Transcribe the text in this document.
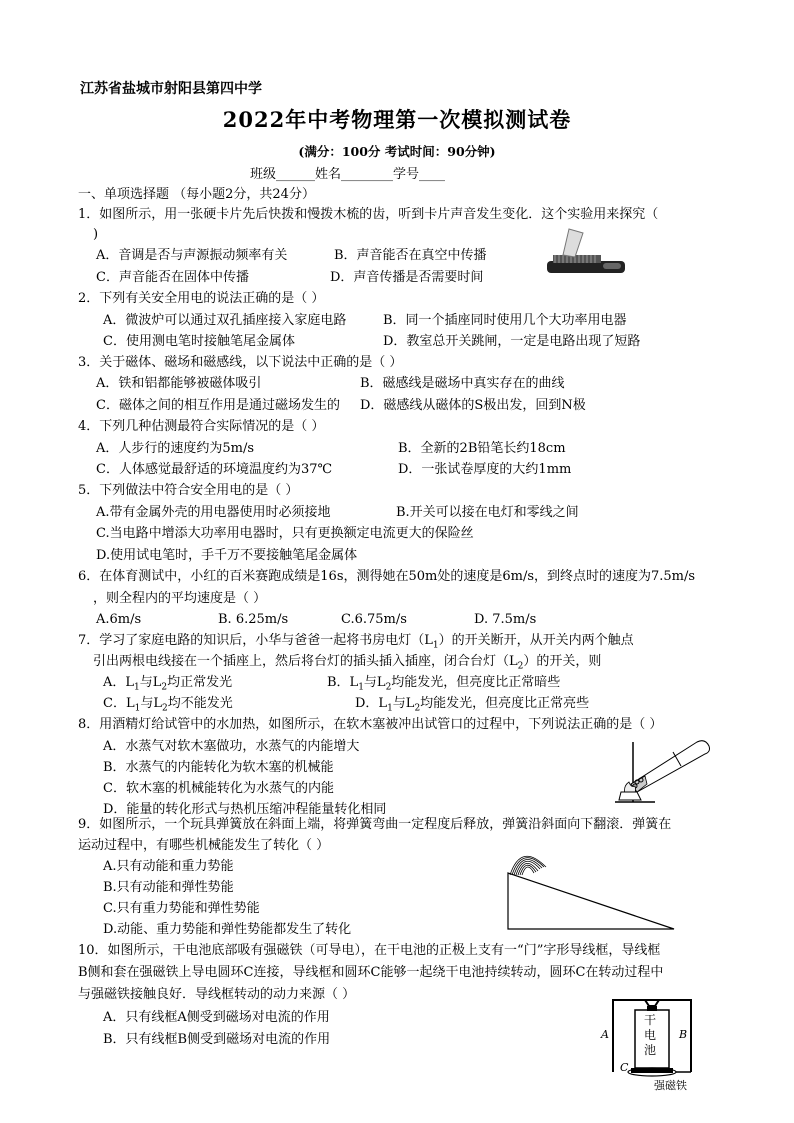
江苏省盐城市射阳县第四中学
2022年中考物理第一次模拟测试卷
(满分：100分 考试时间：90分钟)
班级______姓名________学号____
一、单项选择题 （每小题2分，共24分）
1．如图所示，用一张硬卡片先后快拨和慢拨木梳的齿，听到卡片声音发生变化．这个实验用来探究（
)
A．音调是否与声源振动频率有关	B．声音能否在真空中传播
C．声音能否在固体中传播	D．声音传播是否需要时间
2．下列有关安全用电的说法正确的是（ ）
A．微波炉可以通过双孔插座接入家庭电路	B．同一个插座同时使用几个大功率用电器
C．使用测电笔时接触笔尾金属体	D．教室总开关跳闸，一定是电路出现了短路
3．关于磁体、磁场和磁感线，以下说法中正确的是（ ）
A．铁和铝都能够被磁体吸引	B．磁感线是磁场中真实存在的曲线
C．磁体之间的相互作用是通过磁场发生的 D．磁感线从磁体的S极出发，回到N极
4．下列几种估测最符合实际情况的是（ ）
A．人步行的速度约为5m/s	B．全新的2B铅笔长约18cm
C．人体感觉最舒适的环境温度约为37℃	D．一张试卷厚度的大约1mm
5．下列做法中符合安全用电的是（ ）
A.带有金属外壳的用电器使用时必须接地	B.开关可以接在电灯和零线之间
C.当电路中增添大功率用电器时，只有更换额定电流更大的保险丝
D.使用试电笔时，手千万不要接触笔尾金属体
6．在体育测试中，小红的百米赛跑成绩是16s，测得她在50m处的速度是6m/s，到终点时的速度为7.5m/s
，则全程内的平均速度是（ ）
A.6m/s	B. 6.25m/s	C.6.75m/s	D. 7.5m/s
7．学习了家庭电路的知识后，小华与爸爸一起将书房电灯$(L_1)$的开关断开，从开关内两个触点
引出两根电线接在一个插座上，然后将台灯的插头插入插座，闭合台灯$(L_2)$的开关，则
A．$L_1$与$L_2$均正常发光	B．$L_1$与$L_2$均能发光，但亮度比正常暗些
C．$L_1$与$L_2$均不能发光	D．$L_1$与$L_2$均能发光，但亮度比正常亮些
8．用酒精灯给试管中的水加热，如图所示，在软木塞被冲出试管口的过程中，下列说法正确的是（ ）
A．水蒸气对软木塞做功，水蒸气的内能增大
B．水蒸气的内能转化为软木塞的机械能
C．软木塞的机械能转化为水蒸气的内能
D．能量的转化形式与热机压缩冲程能量转化相同
9．如图所示，一个玩具弹簧放在斜面上端，将弹簧弯曲一定程度后释放，弹簧沿斜面向下翻滚．弹簧在
运动过程中，有哪些机械能发生了转化（ ）
A.只有动能和重力势能
B.只有动能和弹性势能
C.只有重力势能和弹性势能
D.动能、重力势能和弹性势能都发生了转化
10．如图所示，干电池底部吸有强磁铁（可导电），在干电池的正极上支有一“门”字形导线框，导线框
B侧和套在强磁铁上导电圆环C连接，导线框和圆环C能够一起绕干电池持续转动，圆环C在转动过程中
与强磁铁接触良好．导线框转动的动力来源（ ）
A．只有线框A侧受到磁场对电流的作用
B．只有线框B侧受到磁场对电流的作用	A	B
C
干
电
池
强磁铁
